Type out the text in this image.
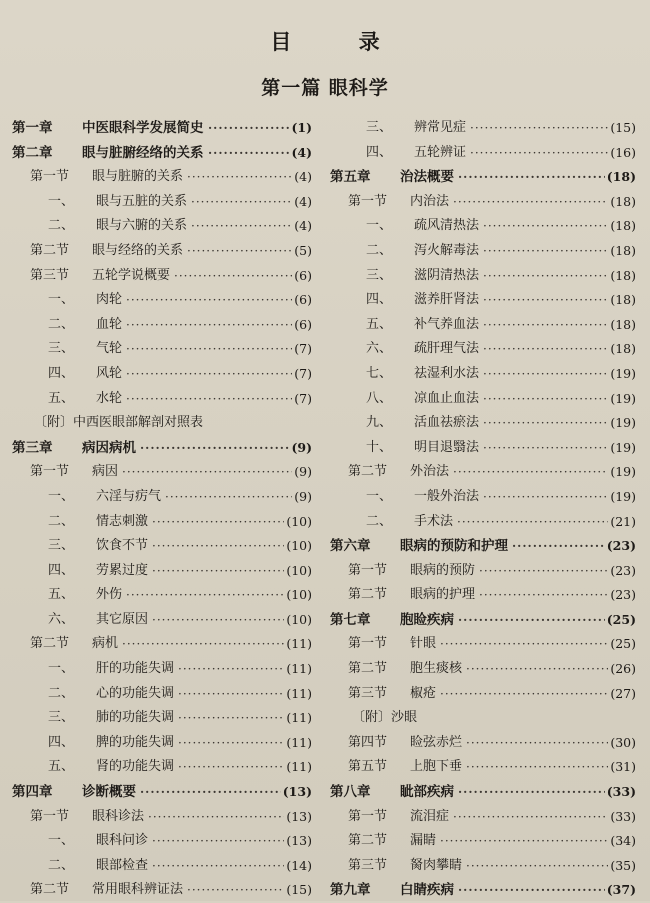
目 录
第一篇 眼科学
第一章 中医眼科学发展简史	(1)
·····
第二章 眼与脏腑经络的关系	(4)
·····
第一节 眼与脏腑的关系	(4)
·····
一、 眼与五脏的关系	(4)
·····
二、 眼与六腑的关系	(4)
·····
第二节 眼与经络的关系	(5)
·····
第三节 五轮学说概要	(6)
·····
一、 肉轮	(6)
·····
二、 血轮	(6)
·····
三、 气轮	(7)
·····
四、 风轮	(7)
·····
五、 水轮	(7)
·····
〔附〕中西医眼部解剖对照表
第三章 病因病机	(9)
·····
第一节 病因	(9)
·····
一、 六淫与疠气	(9)
·····
二、 情志刺激	(10)
·····
三、 饮食不节	(10)
·····
四、 劳累过度	(10)
·····
五、 外伤	(10)
·····
六、 其它原因	(10)
·····
第二节 病机	(11)
·····
一、 肝的功能失调	(11)
·····
二、 心的功能失调	(11)
·····
三、 肺的功能失调	(11)
·····
四、 脾的功能失调	(11)
·····
五、 肾的功能失调	(11)
·····
第四章 诊断概要	(13)
·····
第一节 眼科诊法	(13)
·····
一、 眼科问诊	(13)
·····
二、 眼部检查	(14)
·····
第二节 常用眼科辨证法	(15)
·····
三、 辨常见症	(15)
·····
四、 五轮辨证	(16)
·····
第五章 治法概要	(18)
·····
第一节 内治法	(18)
·····
一、 疏风清热法	(18)
·····
二、 泻火解毒法	(18)
·····
三、 滋阴清热法	(18)
·····
四、 滋养肝肾法	(18)
·····
五、 补气养血法	(18)
·····
六、 疏肝理气法	(18)
·····
七、 祛湿利水法	(19)
·····
八、 凉血止血法	(19)
·····
九、 活血祛瘀法	(19)
·····
十、 明目退翳法	(19)
·····
第二节 外治法	(19)
·····
一、 一般外治法	(19)
·····
二、 手术法	(21)
·····
第六章 眼病的预防和护理	(23)
·····
第一节 眼病的预防	(23)
·····
第二节 眼病的护理	(23)
·····
第七章 胞睑疾病	(25)
·····
第一节 针眼	(25)
·····
第二节 胞生痰核	(26)
·····
第三节 椒疮	(27)
·····
〔附〕沙眼
第四节 睑弦赤烂	(30)
·····
第五节 上胞下垂	(31)
·····
第八章 眦部疾病	(33)
·····
第一节 流泪症	(33)
·····
第二节 漏睛	(34)
·····
第三节 胬肉攀睛	(35)
·····
第九章 白睛疾病	(37)
·····
